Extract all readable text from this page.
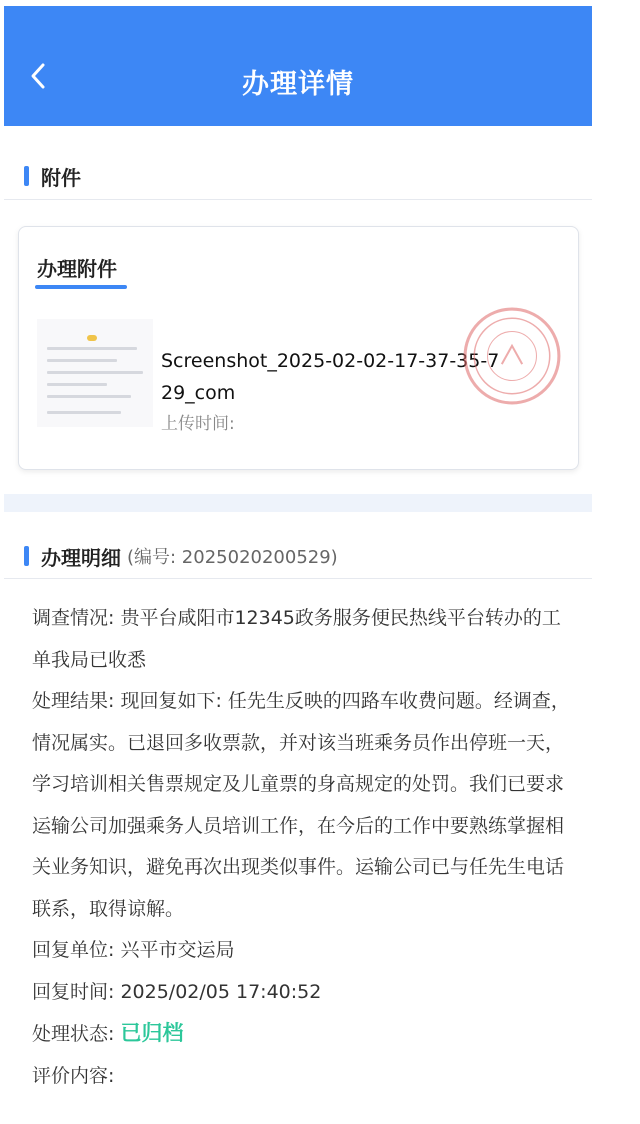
办理详情
附件
办理附件
Screenshot_2025-02-02-17-37-35-729_com
上传时间:
办理明细 (编号: 2025020200529)
调查情况: 贵平台咸阳市12345政务服务便民热线平台转办的工单我局已收悉
处理结果: 现回复如下: 任先生反映的四路车收费问题。经调查，情况属实。已退回多收票款，并对该当班乘务员作出停班一天，学习培训相关售票规定及儿童票的身高规定的处罚。我们已要求运输公司加强乘务人员培训工作，在今后的工作中要熟练掌握相关业务知识，避免再次出现类似事件。运输公司已与任先生电话联系，取得谅解。
回复单位: 兴平市交运局
回复时间: 2025/02/05 17:40:52
处理状态: 已归档
评价内容:
